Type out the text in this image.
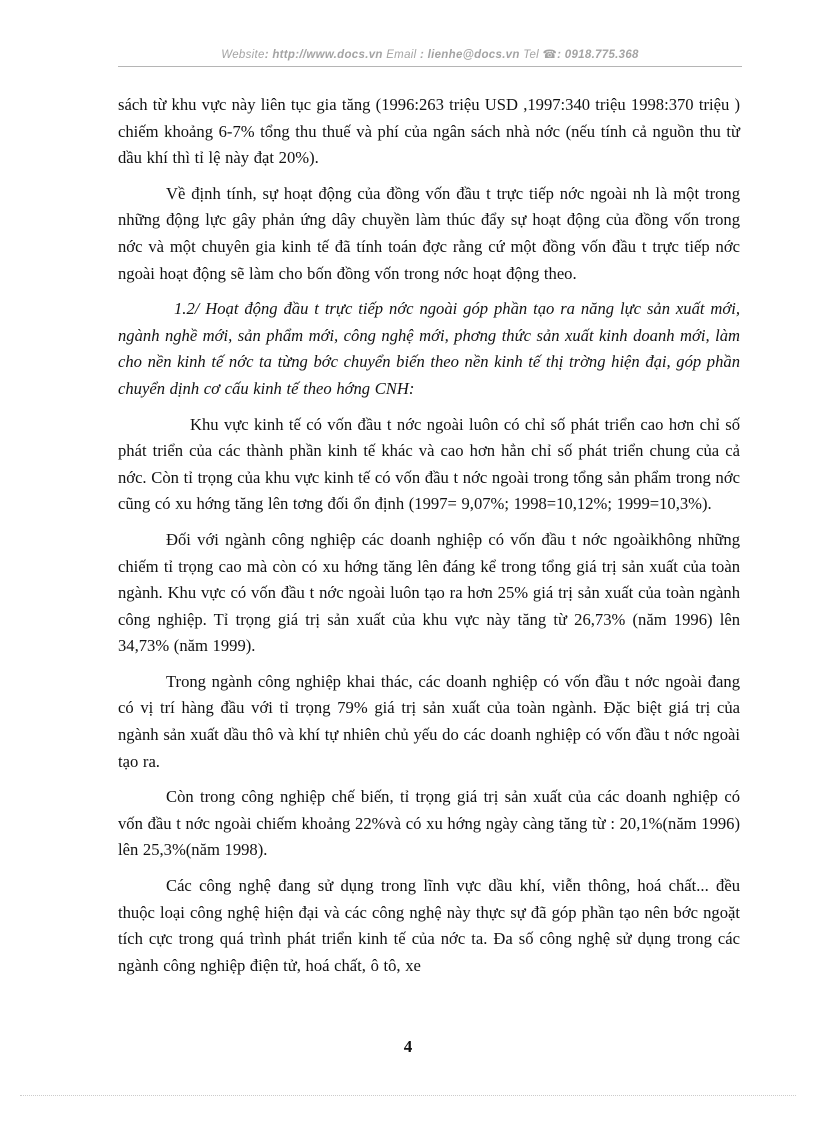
Website: http://www.docs.vn Email : lienhe@docs.vn Tel ☎: 0918.775.368

sách từ khu vực này liên tục gia tăng (1996:263 triệu USD ,1997:340 triệu 1998:370 triệu ) chiếm khoảng 6-7% tổng thu thuế và phí của ngân sách nhà nớc (nếu tính cả nguồn thu từ dầu khí thì tỉ lệ này đạt 20%).

Về định tính, sự hoạt động của đồng vốn đầu t trực tiếp nớc ngoài nh là một trong những động lực gây phản ứng dây chuyền làm thúc đẩy sự hoạt động của đồng vốn trong nớc và một chuyên gia kinh tế đã tính toán đợc rằng cứ một đồng vốn đầu t trực tiếp nớc ngoài hoạt động sẽ làm cho bốn đồng vốn trong nớc hoạt động theo.

1.2/ Hoạt động đầu t trực tiếp nớc ngoài góp phần tạo ra năng lực sản xuất mới, ngành nghề mới, sản phẩm mới, công nghệ mới, phơng thức sản xuất kinh doanh mới, làm cho nền kinh tế nớc ta từng bớc chuyển biến theo nền kinh tế thị trờng hiện đại, góp phần chuyển dịnh cơ cấu kinh tế theo hớng CNH:

Khu vực kinh tế có vốn đầu t nớc ngoài luôn có chỉ số phát triển cao hơn chỉ số phát triển của các thành phần kinh tế khác và cao hơn hẳn chỉ số phát triển chung của cả nớc. Còn tỉ trọng của khu vực kinh tế có vốn đầu t nớc ngoài trong tổng sản phẩm trong nớc cũng có xu hớng tăng lên tơng đối ổn định (1997= 9,07%; 1998=10,12%; 1999=10,3%).

Đối với ngành công nghiệp các doanh nghiệp có vốn đầu t nớc ngoàikhông những chiếm tỉ trọng cao mà còn có xu hớng tăng lên đáng kể trong tổng giá trị sản xuất của toàn ngành. Khu vực có vốn đầu t nớc ngoài luôn tạo ra hơn 25% giá trị sản xuất của toàn ngành công nghiệp. Tỉ trọng giá trị sản xuất của khu vực này tăng từ 26,73% (năm 1996) lên 34,73% (năm 1999).

Trong ngành công nghiệp khai thác, các doanh nghiệp có vốn đầu t nớc ngoài đang có vị trí hàng đầu với tỉ trọng 79% giá trị sản xuất của toàn ngành. Đặc biệt giá trị của ngành sản xuất dầu thô và khí tự nhiên chủ yếu do các doanh nghiệp có vốn đầu t nớc ngoài tạo ra.

Còn trong công nghiệp chế biến, tỉ trọng giá trị sản xuất của các doanh nghiệp có vốn đầu t nớc ngoài chiếm khoảng 22%và có xu hớng ngày càng tăng từ : 20,1%(năm 1996) lên 25,3%(năm 1998).

Các công nghệ đang sử dụng trong lĩnh vực dầu khí, viễn thông, hoá chất... đều thuộc loại công nghệ hiện đại và các công nghệ này thực sự đã góp phần tạo nên bớc ngoặt tích cực trong quá trình phát triển kinh tế của nớc ta. Đa số công nghệ sử dụng trong các ngành công nghiệp điện tử, hoá chất, ô tô, xe

4
